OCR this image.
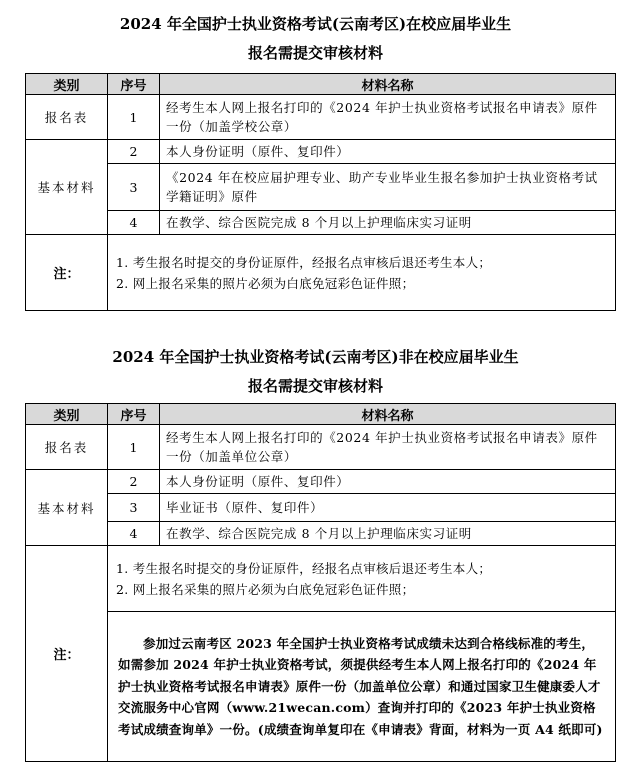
2024 年全国护士执业资格考试(云南考区)在校应届毕业生
报名需提交审核材料
类别	序号	材料名称
报名表	1	经考生本人网上报名打印的《2024 年护士执业资格考试报名申请表》原件一份（加盖学校公章）
基本材料	2	本人身份证明（原件、复印件）
	3	《2024 年在校应届护理专业、助产专业毕业生报名参加护士执业资格考试学籍证明》原件
	4	在教学、综合医院完成 8 个月以上护理临床实习证明
注：	1. 考生报名时提交的身份证原件，经报名点审核后退还考生本人；
2. 网上报名采集的照片必须为白底免冠彩色证件照；	
2024 年全国护士执业资格考试(云南考区)非在校应届毕业生
报名需提交审核材料
类别	序号	材料名称
报名表	1	经考生本人网上报名打印的《2024 年护士执业资格考试报名申请表》原件一份（加盖单位公章）
基本材料	2	本人身份证明（原件、复印件）
	3	毕业证书（原件、复印件）
	4	在教学、综合医院完成 8 个月以上护理临床实习证明
注：	1. 考生报名时提交的身份证原件，经报名点审核后退还考生本人；
2. 网上报名采集的照片必须为白底免冠彩色证件照；	

	参加过云南考区 2023 年全国护士执业资格考试成绩未达到合格线标准的考生，如需参加 2024 年护士执业资格考试，须提供经考生本人网上报名打印的《2024 年护士执业资格考试报名申请表》原件一份（加盖单位公章）和通过国家卫生健康委人才交流服务中心官网（www.21wecan.com）查询并打印的《2023 年护士执业资格考试成绩查询单》一份。(成绩查询单复印在《申请表》背面，材料为一页 A4 纸即可)	
